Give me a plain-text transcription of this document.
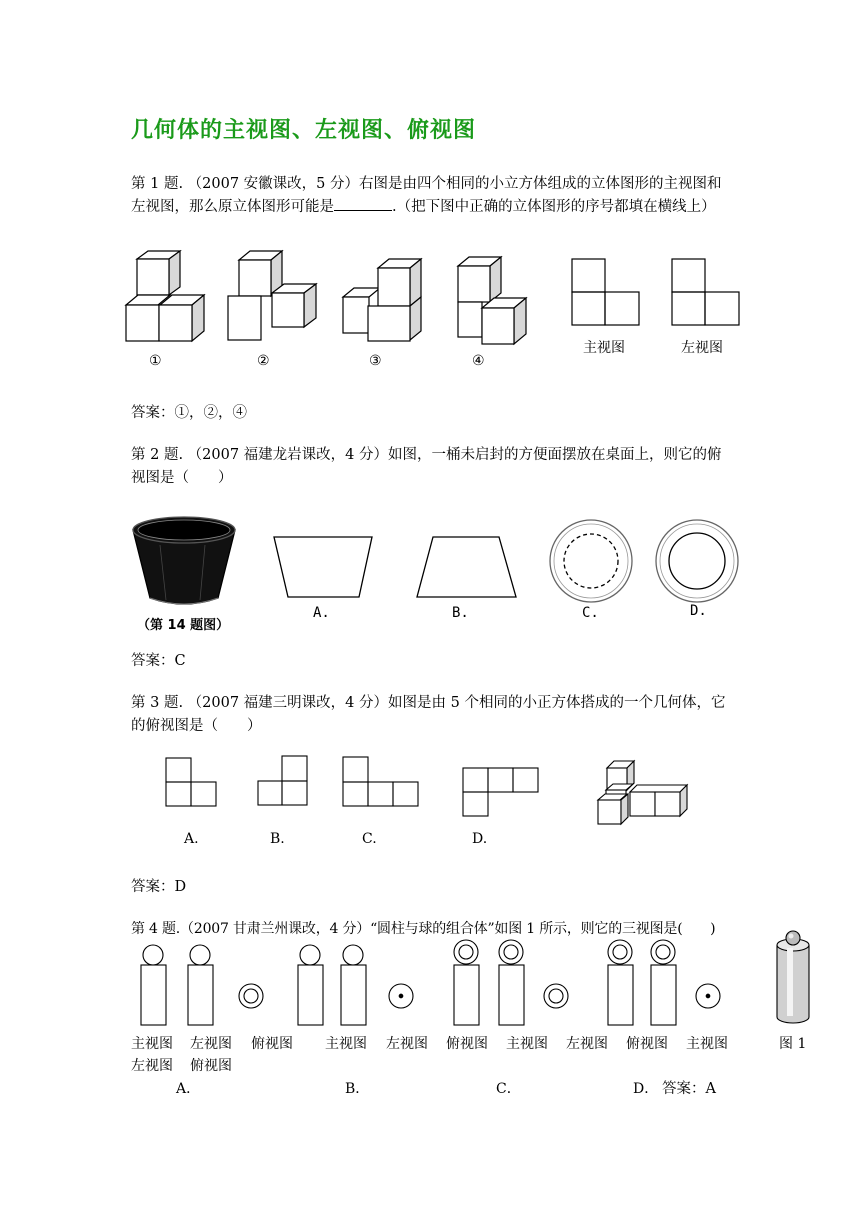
几何体的主视图、左视图、俯视图
第 1 题. （2007 安徽课改，5 分）右图是由四个相同的小立方体组成的立体图形的主视图和
左视图，那么原立体图形可能是	.（把下图中正确的立体图形的序号都填在横线上）
①	②	③	④
主视图	左视图
答案：①，②，④
第 2 题. （2007 福建龙岩课改，4 分）如图，一桶未启封的方便面摆放在桌面上，则它的俯
视图是（　　）
（第 14 题图）
A.	B.	C.	D.
答案：C
第 3 题. （2007 福建三明课改，4 分）如图是由 5 个相同的小正方体搭成的一个几何体，它
的俯视图是（　　）
A.	B.	C.	D.
答案：D
第 4 题.（2007 甘肃兰州课改，4 分）“圆柱与球的组合体”如图 1 所示，则它的三视图是(　　)
主视图 左视图 俯视图 主视图 左视图 俯视图 主视图 左视图 俯视图 主视图	图 1
左视图 俯视图
A．	B．	C．	D． 答案：A
